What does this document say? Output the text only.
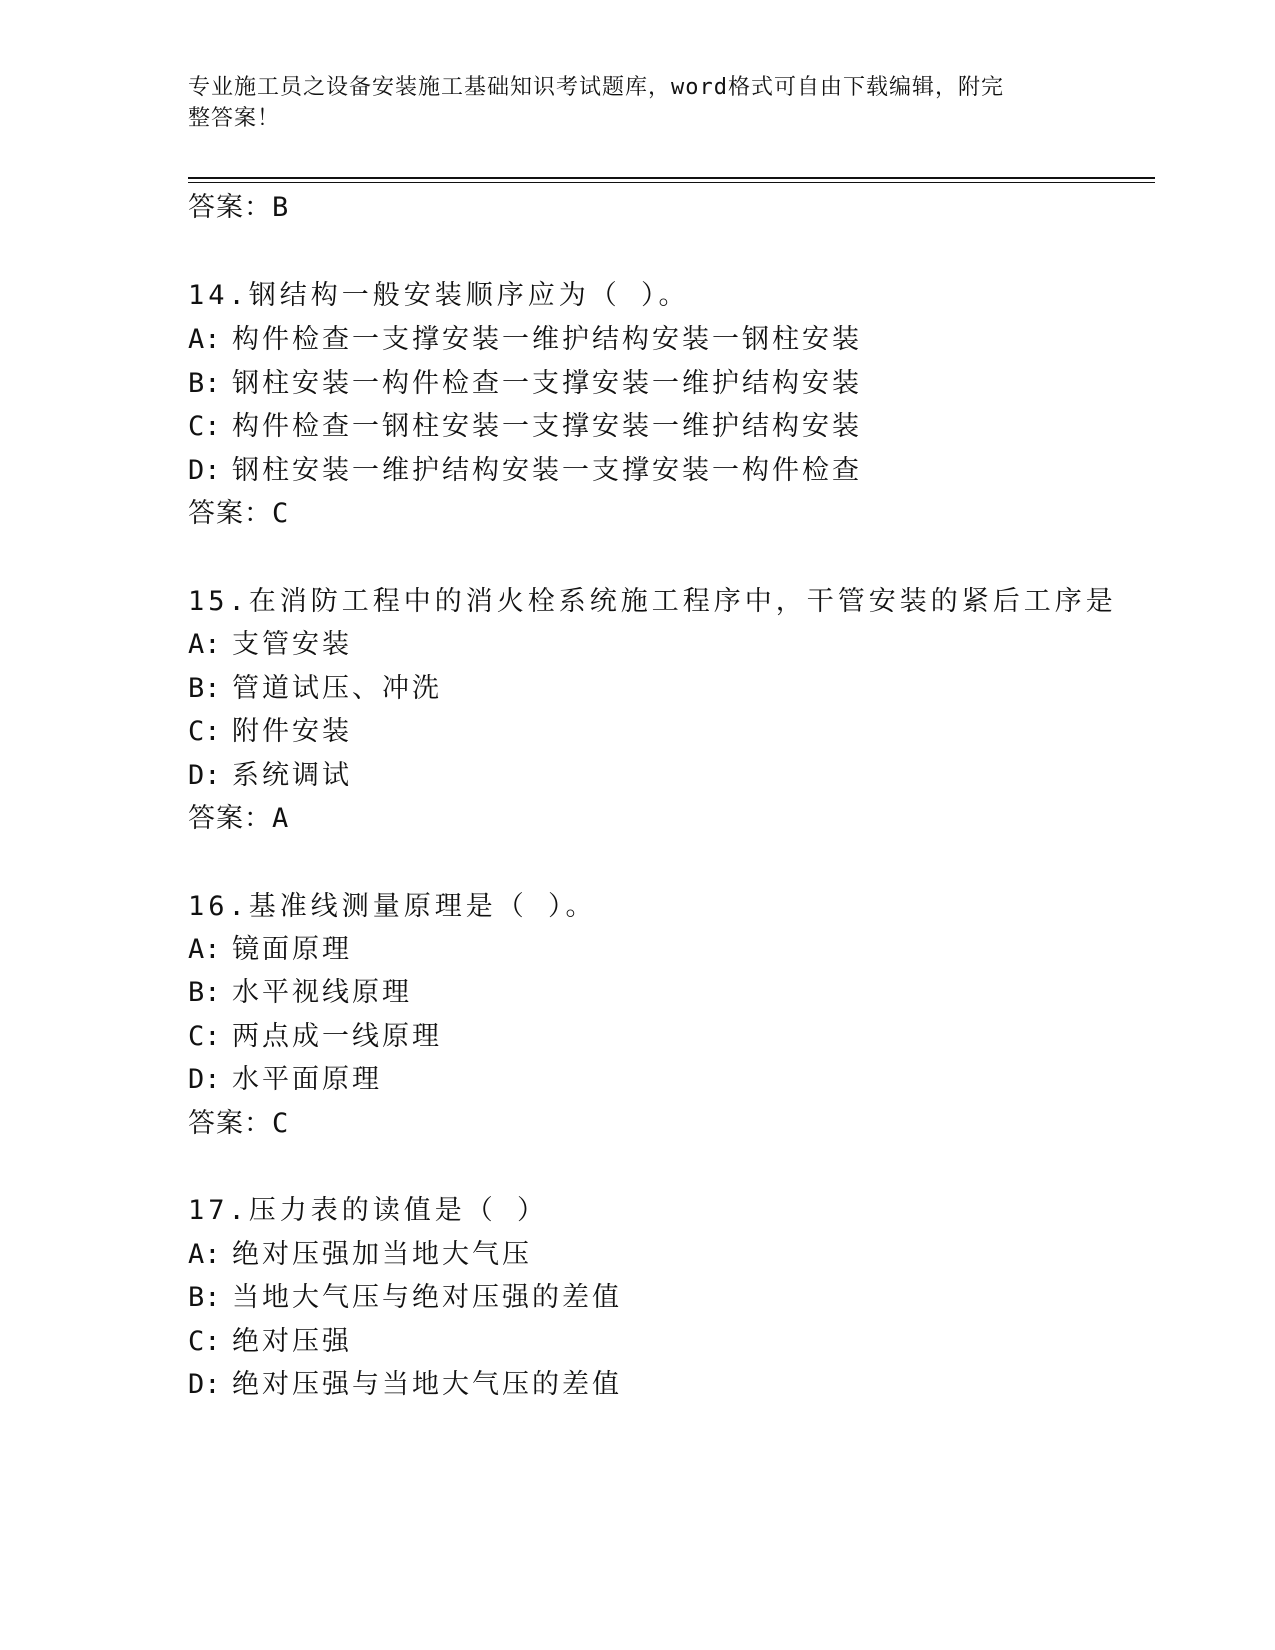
专业施工员之设备安装施工基础知识考试题库，word格式可自由下载编辑，附完
整答案！
答案：B
14.钢结构一般安装顺序应为（ ）。
A: 构件检查一支撑安装一维护结构安装一钢柱安装
B: 钢柱安装一构件检查一支撑安装一维护结构安装
C: 构件检查一钢柱安装一支撑安装一维护结构安装
D: 钢柱安装一维护结构安装一支撑安装一构件检查
答案：C
15.在消防工程中的消火栓系统施工程序中，干管安装的紧后工序是
A: 支管安装
B: 管道试压、冲洗
C: 附件安装
D: 系统调试
答案：A
16.基准线测量原理是（ ）。
A: 镜面原理
B: 水平视线原理
C: 两点成一线原理
D: 水平面原理
答案：C
17.压力表的读值是（ ）
A: 绝对压强加当地大气压
B: 当地大气压与绝对压强的差值
C: 绝对压强
D: 绝对压强与当地大气压的差值
